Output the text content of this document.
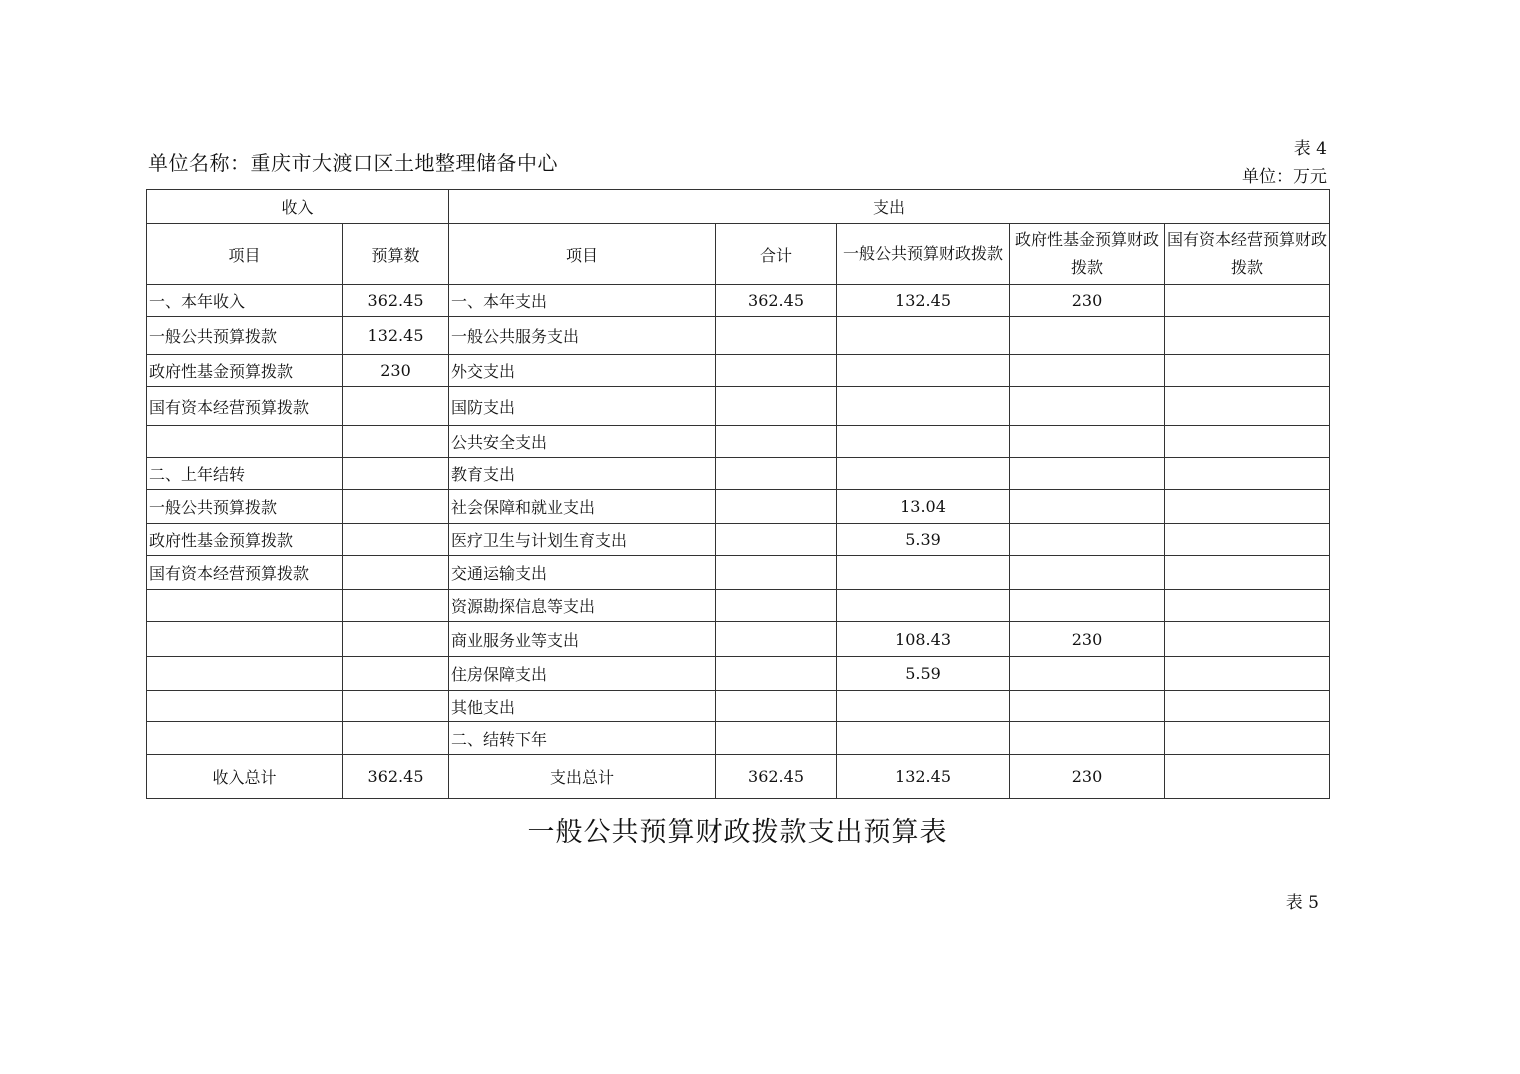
单位名称：重庆市大渡口区土地整理储备中心
表 4
单位：万元
收入		支出				
项目	预算数	项目	合计	一般公共预算财政拨款	政府性基金预算财政拨款	国有资本经营预算财政拨款
一、本年收入	362.45	一、本年支出	362.45	132.45	230	
一般公共预算拨款	132.45	一般公共服务支出				
政府性基金预算拨款	230	外交支出				
国有资本经营预算拨款		国防支出				
		公共安全支出				
二、上年结转		教育支出				
一般公共预算拨款		社会保障和就业支出		13.04		
政府性基金预算拨款		医疗卫生与计划生育支出		5.39		
国有资本经营预算拨款		交通运输支出				
		资源勘探信息等支出				
		商业服务业等支出		108.43	230	
		住房保障支出		5.59		
		其他支出				
		二、结转下年				
收入总计	362.45	支出总计	362.45	132.45	230	
一般公共预算财政拨款支出预算表
表 5
